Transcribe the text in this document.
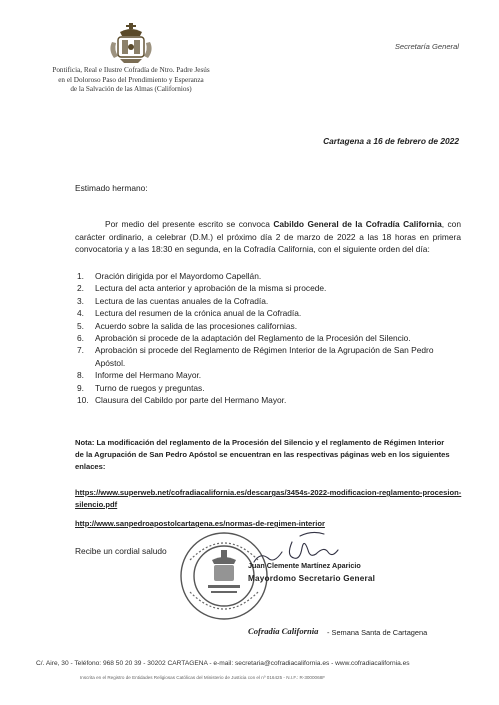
Pontificia, Real e Ilustre Cofradía de Ntro. Padre Jesús
en el Doloroso Paso del Prendimiento y Esperanza
de la Salvación de las Almas (Californios)
Secretaría General
Cartagena a 16 de febrero de 2022
Estimado hermano:
Por medio del presente escrito se convoca Cabildo General de la Cofradía California, con carácter ordinario, a celebrar (D.M.) el próximo día 2 de marzo de 2022 a las 18 horas en primera convocatoria y a las 18:30 en segunda, en la Cofradía California, con el siguiente orden del día:
1. Oración dirigida por el Mayordomo Capellán.
2. Lectura del acta anterior y aprobación de la misma si procede.
3. Lectura de las cuentas anuales de la Cofradía.
4. Lectura del resumen de la crónica anual de la Cofradía.
5. Acuerdo sobre la salida de las procesiones californias.
6. Aprobación si procede de la adaptación del Reglamento de la Procesión del Silencio.
7. Aprobación si procede del Reglamento de Régimen Interior de la Agrupación de San Pedro Apóstol.
8. Informe del Hermano Mayor.
9. Turno de ruegos y preguntas.
10. Clausura del Cabildo por parte del Hermano Mayor.
Nota: La modificación del reglamento de la Procesión del Silencio y el reglamento de Régimen Interior de la Agrupación de San Pedro Apóstol se encuentran en las respectivas páginas web en los siguientes enlaces:
https://www.superweb.net/cofradiacalifornia.es/descargas/3454s-2022-modificacion-reglamento-procesion-silencio.pdf
http://www.sanpedroapostolcartagena.es/normas-de-regimen-interior
Recibe un cordial saludo
Juan Clemente Martínez Aparicio
Mayordomo Secretario General
Cofradía California - Semana Santa de Cartagena
C/. Aire, 30 - Teléfono: 968 50 20 39 - 30202 CARTAGENA - e-mail: secretaria@cofradiacalifornia.es - www.cofradiacalifornia.es
Inscrita en el Registro de Entidades Religiosas Católicas del Ministerio de Justicia con el nº 016425 - N.I.F.: R-3000068F
